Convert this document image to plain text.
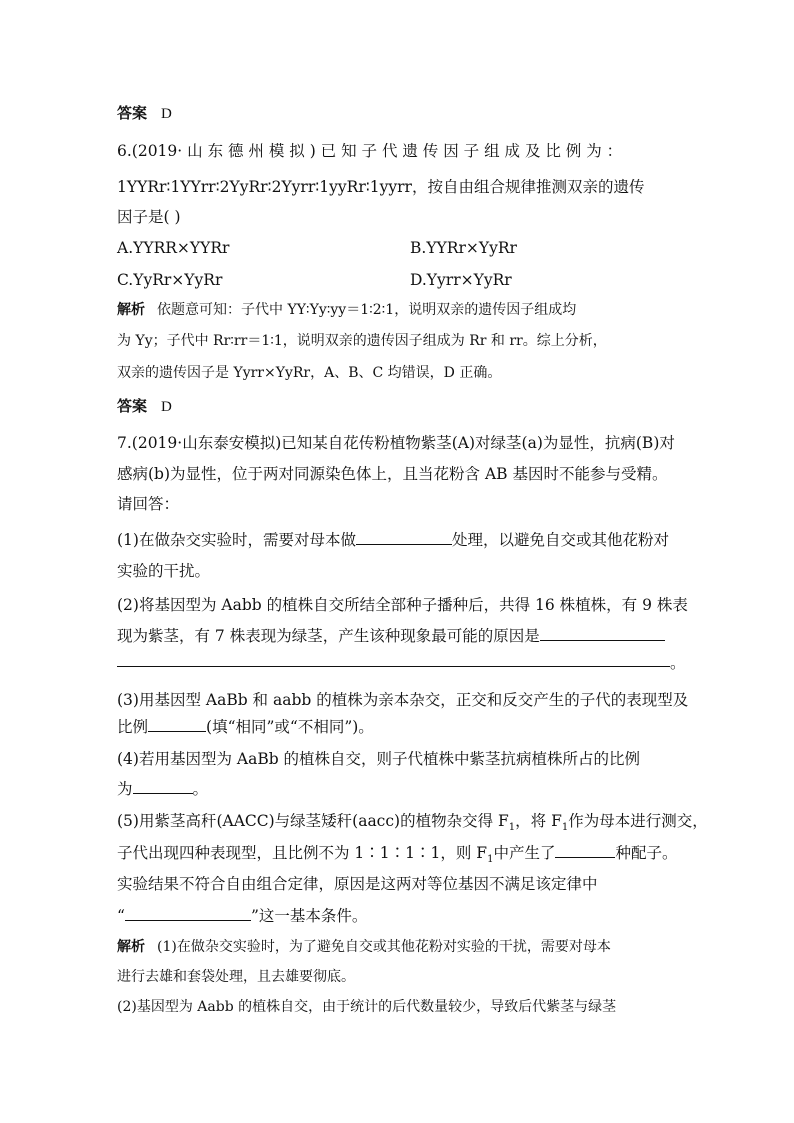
答案 D
6.(2019· 山 东 德 州 模 拟 ) 已 知 子 代 遗 传 因 子 组 成 及 比 例 为 ：
1YYRr∶1YYrr∶2YyRr∶2Yyrr∶1yyRr∶1yyrr，按自由组合规律推测双亲的遗传
因子是( )
A.YYRR×YYRr	B.YYRr×YyRr
C.YyRr×YyRr	D.Yyrr×YyRr
解析 依题意可知：子代中 YY∶Yy∶yy＝1∶2∶1，说明双亲的遗传因子组成均
为 Yy；子代中 Rr∶rr＝1∶1，说明双亲的遗传因子组成为 Rr 和 rr。综上分析，
双亲的遗传因子是 Yyrr×YyRr，A、B、C 均错误，D 正确。
答案 D
7.(2019·山东泰安模拟)已知某自花传粉植物紫茎(A)对绿茎(a)为显性，抗病(B)对
感病(b)为显性，位于两对同源染色体上，且当花粉含 AB 基因时不能参与受精。
请回答：
(1)在做杂交实验时，需要对母本做	处理，以避免自交或其他花粉对
实验的干扰。
(2)将基因型为 Aabb 的植株自交所结全部种子播种后，共得 16 株植株，有 9 株表
现为紫茎，有 7 株表现为绿茎，产生该种现象最可能的原因是
。
(3)用基因型 AaBb 和 aabb 的植株为亲本杂交，正交和反交产生的子代的表现型及
比例	(填“相同”或“不相同”)。
(4)若用基因型为 AaBb 的植株自交，则子代植株中紫茎抗病植株所占的比例
为	。
(5)用紫茎高秆(AACC)与绿茎矮秆(aacc)的植物杂交得 $F_1$，将 $F_1$作为母本进行测交，
子代出现四种表现型，且比例不为 1∶1∶1∶1，则 $F_1$中产生了	种配子。
实验结果不符合自由组合定律，原因是这两对等位基因不满足该定律中
“	”这一基本条件。
解析 (1)在做杂交实验时，为了避免自交或其他花粉对实验的干扰，需要对母本
进行去雄和套袋处理，且去雄要彻底。
(2)基因型为 Aabb 的植株自交，由于统计的后代数量较少，导致后代紫茎与绿茎
